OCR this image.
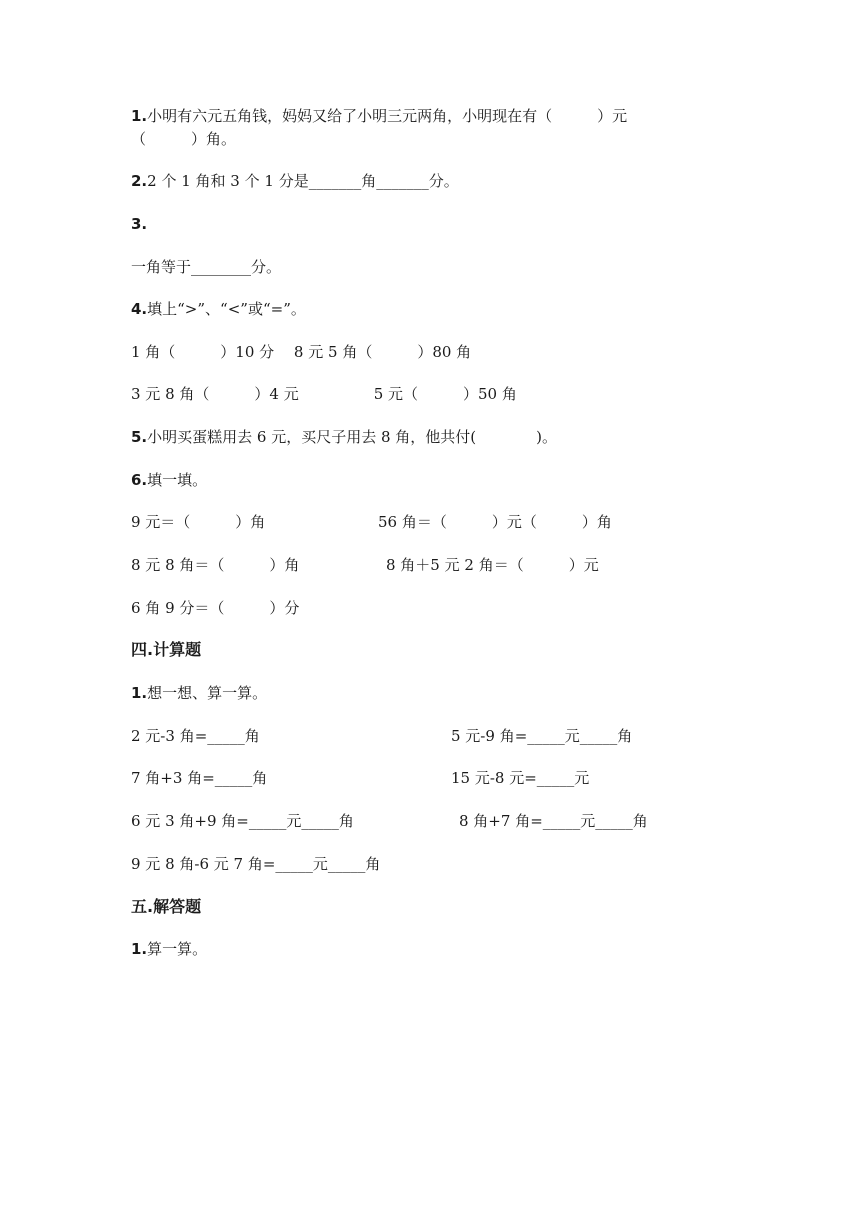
1.小明有六元五角钱，妈妈又给了小明三元两角，小明现在有（　　　）元
（　　　）角。
2.2 个 1 角和 3 个 1 分是_______角_______分。
3.
一角等于________分。
4.填上“>”、“<”或“=”。
1 角（　　　）10 分　 8 元 5 角（　　　）80 角
3 元 8 角（　　　）4 元　　　　　5 元（　　　）50 角
5.小明买蛋糕用去 6 元，买尺子用去 8 角，他共付(　　　　)。
6.填一填。
9 元＝（　　　）角	56 角＝（　　　）元（　　　）角
8 元 8 角＝（　　　）角	8 角＋5 元 2 角＝（　　　）元
6 角 9 分＝（　　　）分
四.计算题
1.想一想、算一算。
2 元-3 角=_____角	5 元-9 角=_____元_____角
7 角+3 角=_____角	15 元-8 元=_____元
6 元 3 角+9 角=_____元_____角	8 角+7 角=_____元_____角
9 元 8 角-6 元 7 角=_____元_____角
五.解答题
1.算一算。
